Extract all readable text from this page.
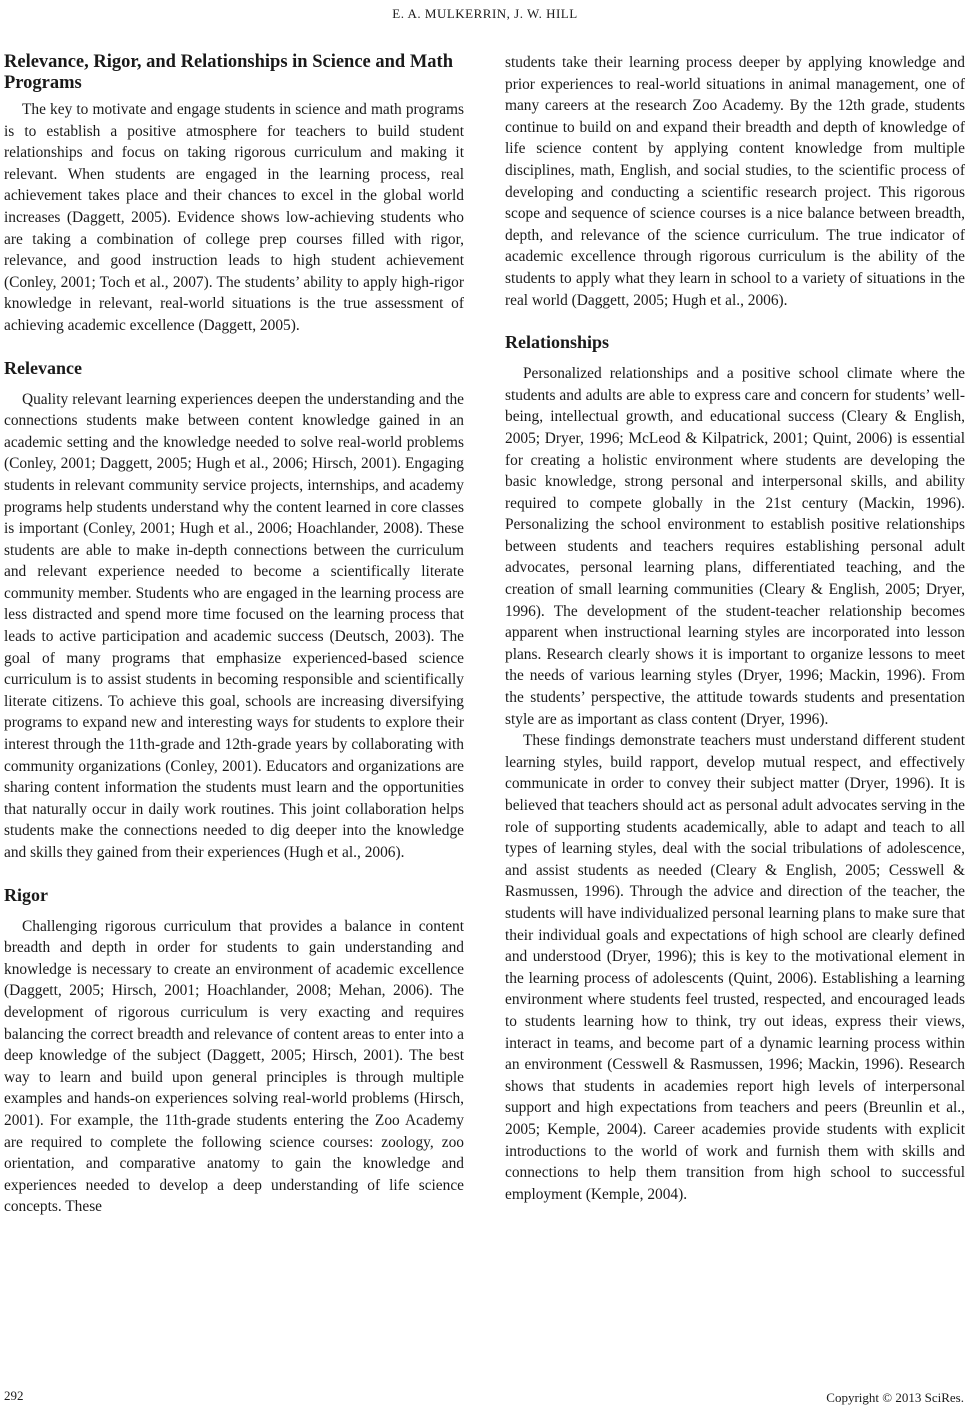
E. A. MULKERRIN, J. W. HILL
Relevance, Rigor, and Relationships in Science and Math Programs

The key to motivate and engage students in science and math programs is to establish a positive atmosphere for teachers to build student relationships and focus on taking rigorous curriculum and making it relevant. When students are engaged in the learning process, real achievement takes place and their chances to excel in the global world increases (Daggett, 2005). Evidence shows low-achieving students who are taking a combination of college prep courses filled with rigor, relevance, and good instruction leads to high student achievement (Conley, 2001; Toch et al., 2007). The students’ ability to apply high-rigor knowledge in relevant, real-world situations is the true assessment of achieving academic excellence (Daggett, 2005).

Relevance

Quality relevant learning experiences deepen the understanding and the connections students make between content knowledge gained in an academic setting and the knowledge needed to solve real-world problems (Conley, 2001; Daggett, 2005; Hugh et al., 2006; Hirsch, 2001). Engaging students in relevant community service projects, internships, and academy programs help students understand why the content learned in core classes is important (Conley, 2001; Hugh et al., 2006; Hoachlander, 2008). These students are able to make in-depth connections between the curriculum and relevant experience needed to become a scientifically literate community member. Students who are engaged in the learning process are less distracted and spend more time focused on the learning process that leads to active participation and academic success (Deutsch, 2003). The goal of many programs that emphasize experienced-based science curriculum is to assist students in becoming responsible and scientifically literate citizens. To achieve this goal, schools are increasing diversifying programs to expand new and interesting ways for students to explore their interest through the 11th-grade and 12th-grade years by collaborating with community organizations (Conley, 2001). Educators and organizations are sharing content information the students must learn and the opportunities that naturally occur in daily work routines. This joint collaboration helps students make the connections needed to dig deeper into the knowledge and skills they gained from their experiences (Hugh et al., 2006).

Rigor

Challenging rigorous curriculum that provides a balance in content breadth and depth in order for students to gain understanding and knowledge is necessary to create an environment of academic excellence (Daggett, 2005; Hirsch, 2001; Hoachlander, 2008; Mehan, 2006). The development of rigorous curriculum is very exacting and requires balancing the correct breadth and relevance of content areas to enter into a deep knowledge of the subject (Daggett, 2005; Hirsch, 2001). The best way to learn and build upon general principles is through multiple examples and hands-on experiences solving real-world problems (Hirsch, 2001). For example, the 11th-grade students entering the Zoo Academy are required to complete the following science courses: zoology, zoo orientation, and comparative anatomy to gain the knowledge and experiences needed to develop a deep understanding of life science concepts. These

students take their learning process deeper by applying knowledge and prior experiences to real-world situations in animal management, one of many careers at the research Zoo Academy. By the 12th grade, students continue to build on and expand their breadth and depth of knowledge of life science content by applying content knowledge from multiple disciplines, math, English, and social studies, to the scientific process of developing and conducting a scientific research project. This rigorous scope and sequence of science courses is a nice balance between breadth, depth, and relevance of the science curriculum. The true indicator of academic excellence through rigorous curriculum is the ability of the students to apply what they learn in school to a variety of situations in the real world (Daggett, 2005; Hugh et al., 2006).

Relationships

Personalized relationships and a positive school climate where the students and adults are able to express care and concern for students’ well-being, intellectual growth, and educational success (Cleary & English, 2005; Dryer, 1996; McLeod & Kilpatrick, 2001; Quint, 2006) is essential for creating a holistic environment where students are developing the basic knowledge, strong personal and interpersonal skills, and ability required to compete globally in the 21st century (Mackin, 1996). Personalizing the school environment to establish positive relationships between students and teachers requires establishing personal adult advocates, personal learning plans, differentiated teaching, and the creation of small learning communities (Cleary & English, 2005; Dryer, 1996). The development of the student-teacher relationship becomes apparent when instructional learning styles are incorporated into lesson plans. Research clearly shows it is important to organize lessons to meet the needs of various learning styles (Dryer, 1996; Mackin, 1996). From the students’ perspective, the attitude towards students and presentation style are as important as class content (Dryer, 1996).

These findings demonstrate teachers must understand different student learning styles, build rapport, develop mutual respect, and effectively communicate in order to convey their subject matter (Dryer, 1996). It is believed that teachers should act as personal adult advocates serving in the role of supporting students academically, able to adapt and teach to all types of learning styles, deal with the social tribulations of adolescence, and assist students as needed (Cleary & English, 2005; Cesswell & Rasmussen, 1996). Through the advice and direction of the teacher, the students will have individualized personal learning plans to make sure that their individual goals and expectations of high school are clearly defined and understood (Dryer, 1996); this is key to the motivational element in the learning process of adolescents (Quint, 2006). Establishing a learning environment where students feel trusted, respected, and encouraged leads to students learning how to think, try out ideas, express their views, interact in teams, and become part of a dynamic learning process within an environment (Cesswell & Rasmussen, 1996; Mackin, 1996). Research shows that students in academies report high levels of interpersonal support and high expectations from teachers and peers (Breunlin et al., 2005; Kemple, 2004). Career academies provide students with explicit introductions to the world of work and furnish them with skills and connections to help them transition from high school to successful employment (Kemple, 2004).

292	Copyright © 2013 SciRes.
